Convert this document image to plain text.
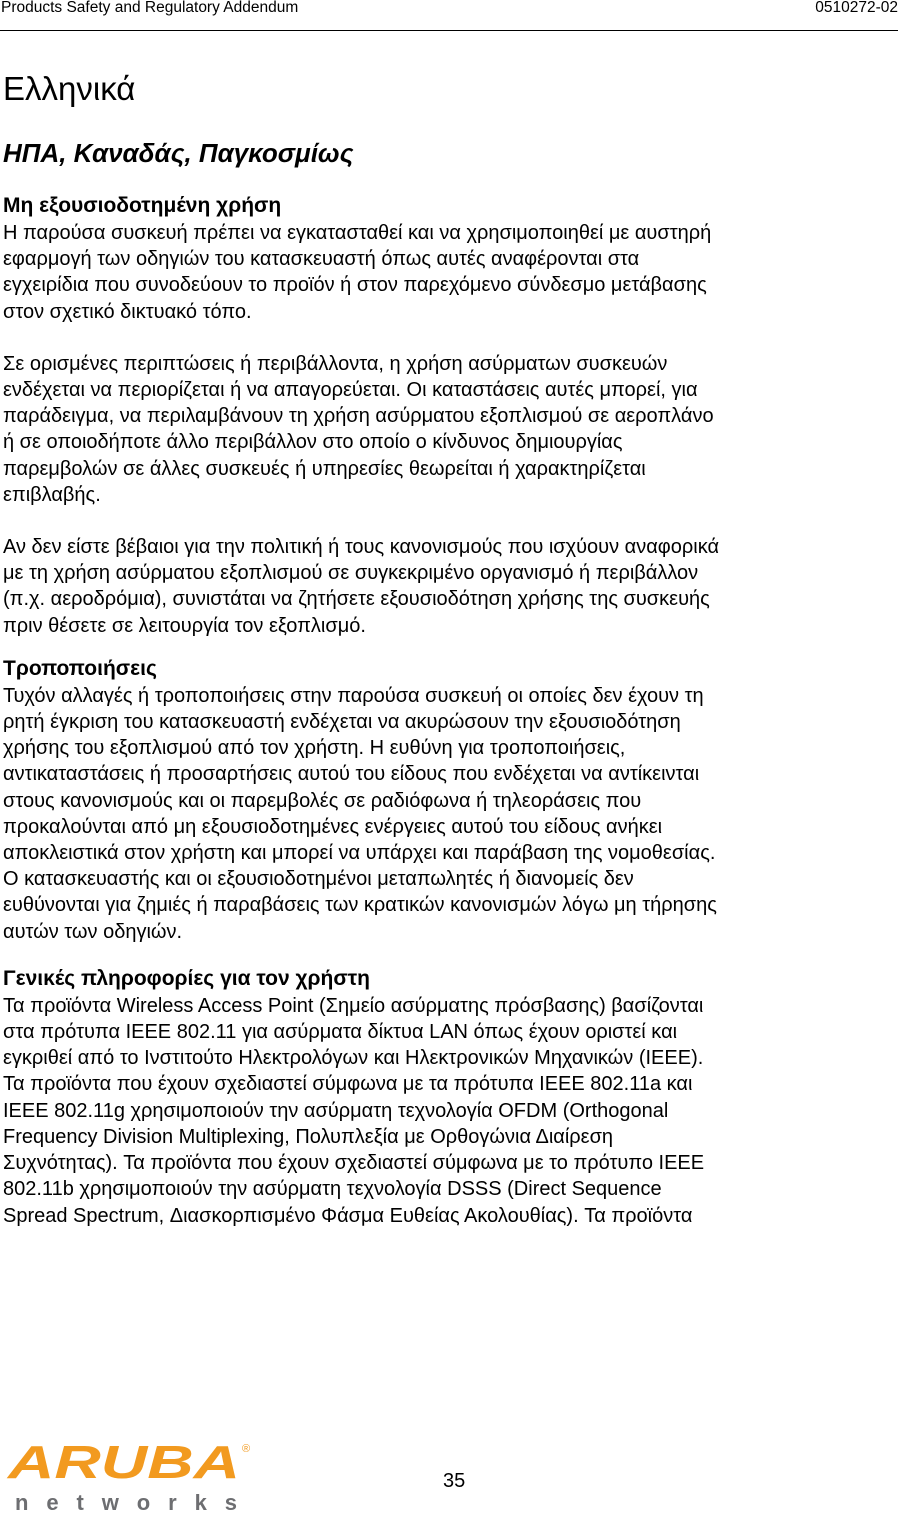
Products Safety and Regulatory Addendum	0510272-02
Ελληνικά
ΗΠΑ, Καναδάς, Παγκοσμίως
Μη εξουσιοδοτημένη χρήση

Η παρούσα συσκευή πρέπει να εγκατασταθεί και να χρησιμοποιηθεί με αυστηρή
εφαρμογή των οδηγιών του κατασκευαστή όπως αυτές αναφέρονται στα
εγχειρίδια που συνοδεύουν το προϊόν ή στον παρεχόμενο σύνδεσμο μετάβασης
στον σχετικό δικτυακό τόπο.

Σε ορισμένες περιπτώσεις ή περιβάλλοντα, η χρήση ασύρματων συσκευών
ενδέχεται να περιορίζεται ή να απαγορεύεται. Οι καταστάσεις αυτές μπορεί, για
παράδειγμα, να περιλαμβάνουν τη χρήση ασύρματου εξοπλισμού σε αεροπλάνο
ή σε οποιοδήποτε άλλο περιβάλλον στο οποίο ο κίνδυνος δημιουργίας
παρεμβολών σε άλλες συσκευές ή υπηρεσίες θεωρείται ή χαρακτηρίζεται
επιβλαβής.

Αν δεν είστε βέβαιοι για την πολιτική ή τους κανονισμούς που ισχύουν αναφορικά
με τη χρήση ασύρματου εξοπλισμού σε συγκεκριμένο οργανισμό ή περιβάλλον
(π.χ. αεροδρόμια), συνιστάται να ζητήσετε εξουσιοδότηση χρήσης της συσκευής
πριν θέσετε σε λειτουργία τον εξοπλισμό.

Τροποποιήσεις

Τυχόν αλλαγές ή τροποποιήσεις στην παρούσα συσκευή οι οποίες δεν έχουν τη
ρητή έγκριση του κατασκευαστή ενδέχεται να ακυρώσουν την εξουσιοδότηση
χρήσης του εξοπλισμού από τον χρήστη. Η ευθύνη για τροποποιήσεις,
αντικαταστάσεις ή προσαρτήσεις αυτού του είδους που ενδέχεται να αντίκεινται
στους κανονισμούς και οι παρεμβολές σε ραδιόφωνα ή τηλεοράσεις που
προκαλούνται από μη εξουσιοδοτημένες ενέργειες αυτού του είδους ανήκει
αποκλειστικά στον χρήστη και μπορεί να υπάρχει και παράβαση της νομοθεσίας.
Ο κατασκευαστής και οι εξουσιοδοτημένοι μεταπωλητές ή διανομείς δεν
ευθύνονται για ζημιές ή παραβάσεις των κρατικών κανονισμών λόγω μη τήρησης
αυτών των οδηγιών.

Γενικές πληροφορίες για τον χρήστη

Τα προϊόντα Wireless Access Point (Σημείο ασύρματης πρόσβασης) βασίζονται
στα πρότυπα IEEE 802.11 για ασύρματα δίκτυα LAN όπως έχουν οριστεί και
εγκριθεί από το Ινστιτούτο Ηλεκτρολόγων και Ηλεκτρονικών Μηχανικών (IEEE).
Τα προϊόντα που έχουν σχεδιαστεί σύμφωνα με τα πρότυπα IEEE 802.11a και
IEEE 802.11g χρησιμοποιούν την ασύρματη τεχνολογία OFDM (Orthogonal
Frequency Division Multiplexing, Πολυπλεξία με Ορθογώνια Διαίρεση
Συχνότητας). Τα προϊόντα που έχουν σχεδιαστεί σύμφωνα με το πρότυπο IEEE
802.11b χρησιμοποιούν την ασύρματη τεχνολογία DSSS (Direct Sequence
Spread Spectrum, Διασκορπισμένο Φάσμα Ευθείας Ακολουθίας). Τα προϊόντα

ARUBA ®
networks
35
